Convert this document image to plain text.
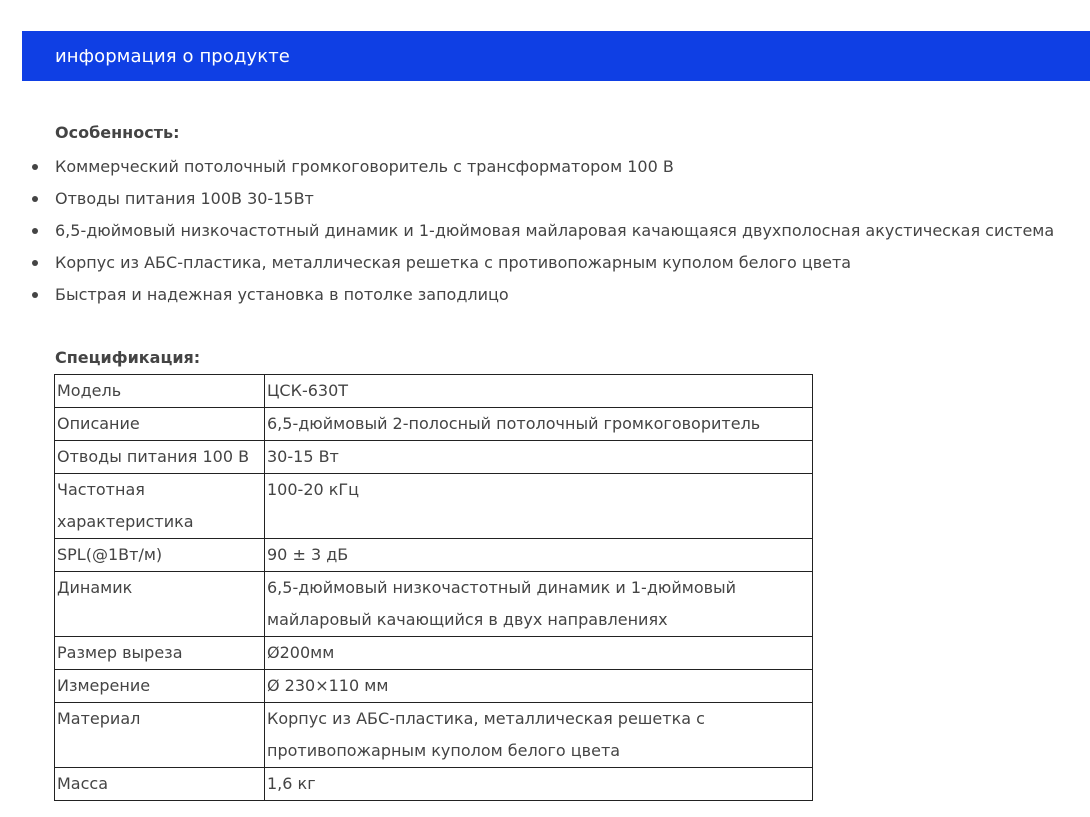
информация о продукте
Особенность:
Коммерческий потолочный громкоговоритель с трансформатором 100 В
Отводы питания 100В 30-15Вт
6,5-дюймовый низкочастотный динамик и 1-дюймовая майларовая качающаяся двухполосная акустическая система
Корпус из АБС-пластика, металлическая решетка с противопожарным куполом белого цвета
Быстрая и надежная установка в потолке заподлицо
Спецификация:
Модель	ЦСК-630Т
Описание	6,5-дюймовый 2-полосный потолочный громкоговоритель
Отводы питания 100 В	30-15 Вт
Частотная характеристика	100-20 кГц
SPL(@1Вт/м)	90 ± 3 дБ
Динамик	6,5-дюймовый низкочастотный динамик и 1-дюймовый майларовый качающийся в двух направлениях
Размер выреза	Ø200мм
Измерение	Ø 230×110 мм
Материал	Корпус из АБС-пластика, металлическая решетка с противопожарным куполом белого цвета
Масса	1,6 кг
